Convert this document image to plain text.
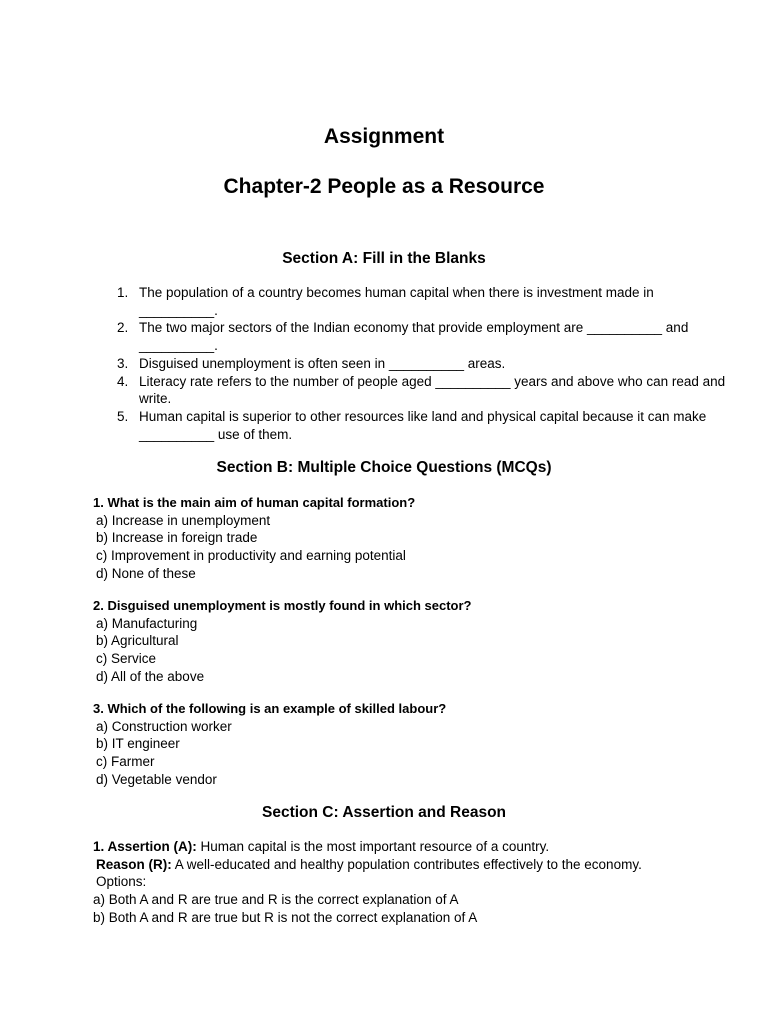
Assignment
Chapter-2 People as a Resource
Section A: Fill in the Blanks
The population of a country becomes human capital when there is investment made in __________.
The two major sectors of the Indian economy that provide employment are __________ and __________.
Disguised unemployment is often seen in __________ areas.
Literacy rate refers to the number of people aged __________ years and above who can read and write.
Human capital is superior to other resources like land and physical capital because it can make __________ use of them.
Section B: Multiple Choice Questions (MCQs)
1. What is the main aim of human capital formation?
a) Increase in unemployment
b) Increase in foreign trade
c) Improvement in productivity and earning potential
d) None of these
2. Disguised unemployment is mostly found in which sector?
a) Manufacturing
b) Agricultural
c) Service
d) All of the above
3. Which of the following is an example of skilled labour?
a) Construction worker
b) IT engineer
c) Farmer
d) Vegetable vendor
Section C: Assertion and Reason
1. Assertion (A): Human capital is the most important resource of a country.
Reason (R): A well-educated and healthy population contributes effectively to the economy.
Options:
a) Both A and R are true and R is the correct explanation of A
b) Both A and R are true but R is not the correct explanation of A
